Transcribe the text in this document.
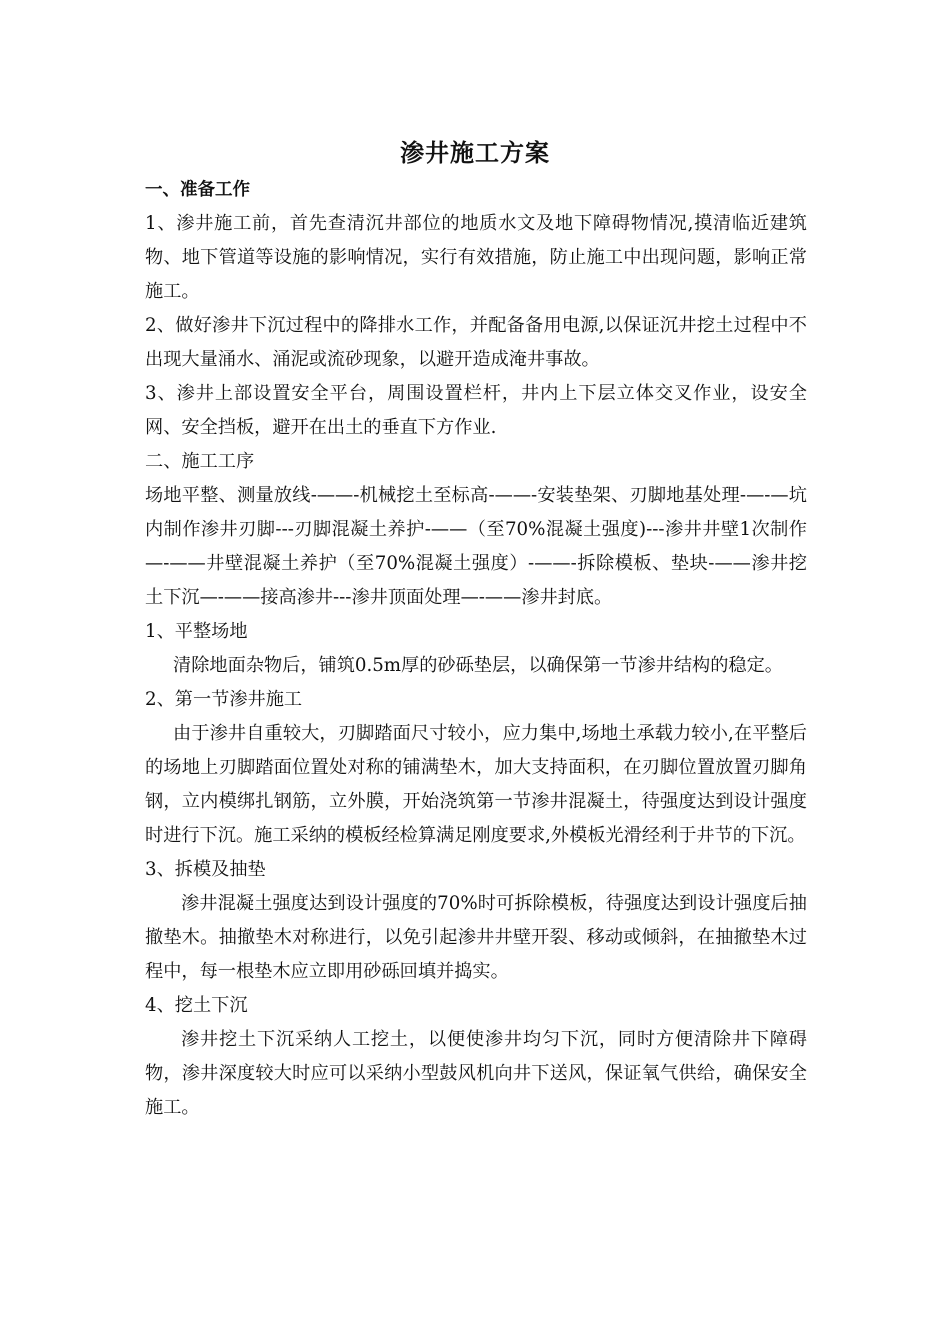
渗井施工方案

一、准备工作

1、渗井施工前，首先查清沉井部位的地质水文及地下障碍物情况,摸清临近建筑物、地下管道等设施的影响情况，实行有效措施，防止施工中出现问题，影响正常施工。

2、做好渗井下沉过程中的降排水工作，并配备备用电源,以保证沉井挖土过程中不出现大量涌水、涌泥或流砂现象，以避开造成淹井事故。

3、渗井上部设置安全平台，周围设置栏杆，井内上下层立体交叉作业，设安全网、安全挡板，避开在出土的垂直下方作业.

二、施工工序

场地平整、测量放线-——-机械挖土至标高-——-安装垫架、刃脚地基处理-—-—坑内制作渗井刃脚---刃脚混凝土养护-——（至70%混凝土强度)---渗井井壁1次制作—-——井壁混凝土养护（至70%混凝土强度）-——-拆除模板、垫块-——渗井挖土下沉—-——接高渗井---渗井顶面处理—-——渗井封底。

1、平整场地

清除地面杂物后，铺筑0.5m厚的砂砾垫层，以确保第一节渗井结构的稳定。

2、第一节渗井施工

由于渗井自重较大，刃脚踏面尺寸较小，应力集中,场地土承载力较小,在平整后的场地上刃脚踏面位置处对称的铺满垫木，加大支持面积，在刃脚位置放置刃脚角钢，立内模绑扎钢筋，立外膜，开始浇筑第一节渗井混凝土，待强度达到设计强度时进行下沉。施工采纳的模板经检算满足刚度要求,外模板光滑经利于井节的下沉。

3、拆模及抽垫

渗井混凝土强度达到设计强度的70%时可拆除模板，待强度达到设计强度后抽撤垫木。抽撤垫木对称进行，以免引起渗井井壁开裂、移动或倾斜，在抽撤垫木过程中，每一根垫木应立即用砂砾回填并捣实。

4、挖土下沉

渗井挖土下沉采纳人工挖土，以便使渗井均匀下沉，同时方便清除井下障碍物，渗井深度较大时应可以采纳小型鼓风机向井下送风，保证氧气供给，确保安全施工。
